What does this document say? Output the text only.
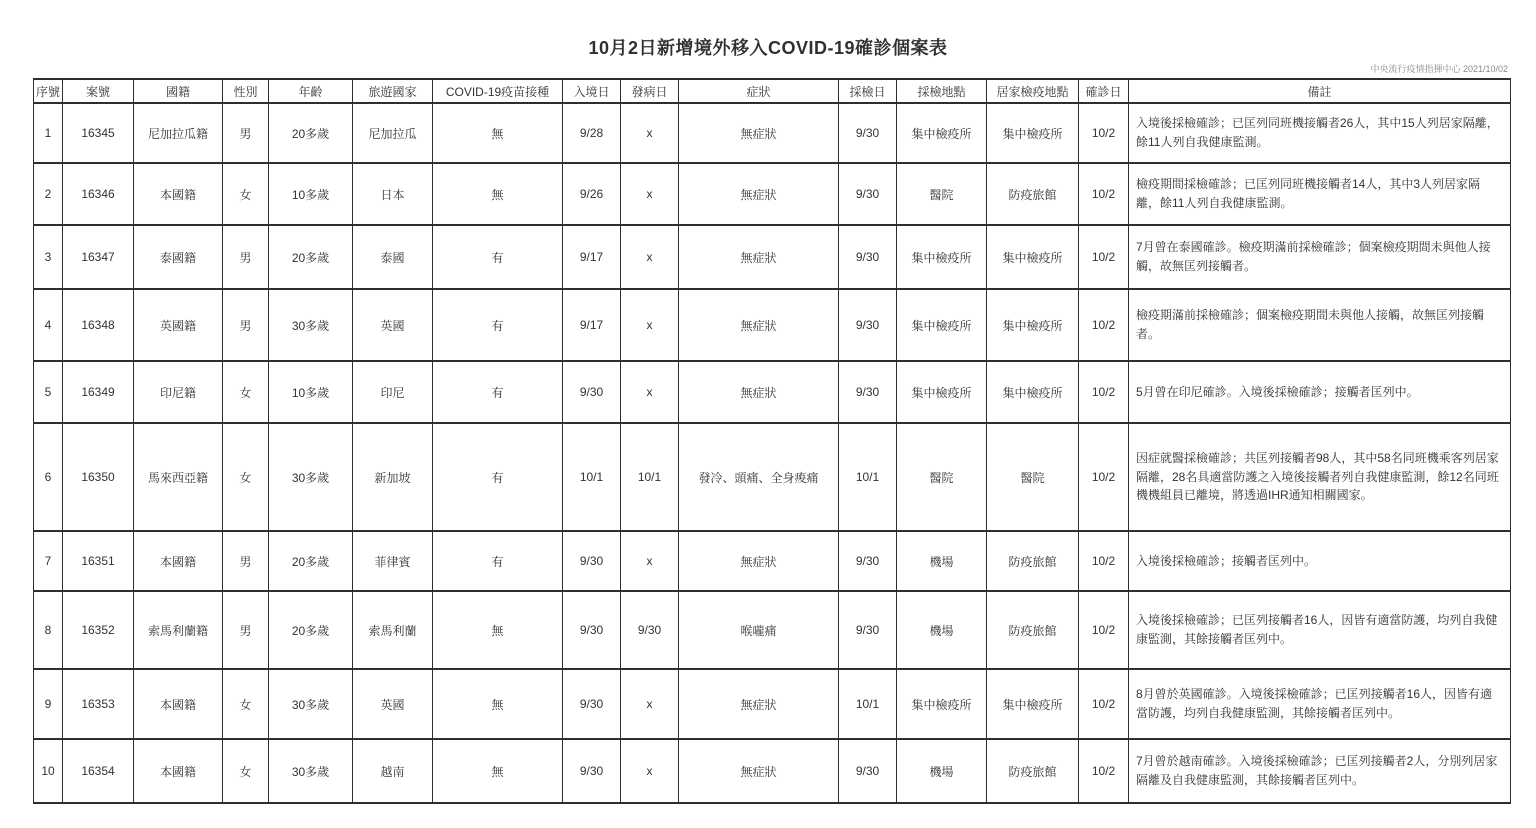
10月2日新增境外移入COVID-19確診個案表
中央流行疫情指揮中心 2021/10/02
序號	案號	國籍	性別	年齡	旅遊國家	COVID-19疫苗接種	入境日	發病日	症狀	採檢日	採檢地點	居家檢疫地點	確診日	備註
1	16345	尼加拉瓜籍	男	20多歲	尼加拉瓜	無	9/28	x	無症狀	9/30	集中檢疫所	集中檢疫所	10/2	入境後採檢確診；已匡列同班機接觸者26人，其中15人列居家隔離，餘11人列自我健康監測。
2	16346	本國籍	女	10多歲	日本	無	9/26	x	無症狀	9/30	醫院	防疫旅館	10/2	檢疫期間採檢確診；已匡列同班機接觸者14人，其中3人列居家隔離，餘11人列自我健康監測。
3	16347	泰國籍	男	20多歲	泰國	有	9/17	x	無症狀	9/30	集中檢疫所	集中檢疫所	10/2	7月曾在泰國確診。檢疫期滿前採檢確診；個案檢疫期間未與他人接觸，故無匡列接觸者。
4	16348	英國籍	男	30多歲	英國	有	9/17	x	無症狀	9/30	集中檢疫所	集中檢疫所	10/2	檢疫期滿前採檢確診；個案檢疫期間未與他人接觸，故無匡列接觸者。
5	16349	印尼籍	女	10多歲	印尼	有	9/30	x	無症狀	9/30	集中檢疫所	集中檢疫所	10/2	5月曾在印尼確診。入境後採檢確診；接觸者匡列中。
6	16350	馬來西亞籍	女	30多歲	新加坡	有	10/1	10/1	發冷、頭痛、全身痠痛	10/1	醫院	醫院	10/2	因症就醫採檢確診；共匡列接觸者98人，其中58名同班機乘客列居家隔離，28名具適當防護之入境後接觸者列自我健康監測，餘12名同班機機組員已離境，將透過IHR通知相關國家。
7	16351	本國籍	男	20多歲	菲律賓	有	9/30	x	無症狀	9/30	機場	防疫旅館	10/2	入境後採檢確診；接觸者匡列中。
8	16352	索馬利蘭籍	男	20多歲	索馬利蘭	無	9/30	9/30	喉嚨痛	9/30	機場	防疫旅館	10/2	入境後採檢確診；已匡列接觸者16人，因皆有適當防護，均列自我健康監測，其餘接觸者匡列中。
9	16353	本國籍	女	30多歲	英國	無	9/30	x	無症狀	10/1	集中檢疫所	集中檢疫所	10/2	8月曾於英國確診。入境後採檢確診；已匡列接觸者16人，因皆有適當防護，均列自我健康監測，其餘接觸者匡列中。
10	16354	本國籍	女	30多歲	越南	無	9/30	x	無症狀	9/30	機場	防疫旅館	10/2	7月曾於越南確診。入境後採檢確診；已匡列接觸者2人，分別列居家隔離及自我健康監測，其餘接觸者匡列中。
